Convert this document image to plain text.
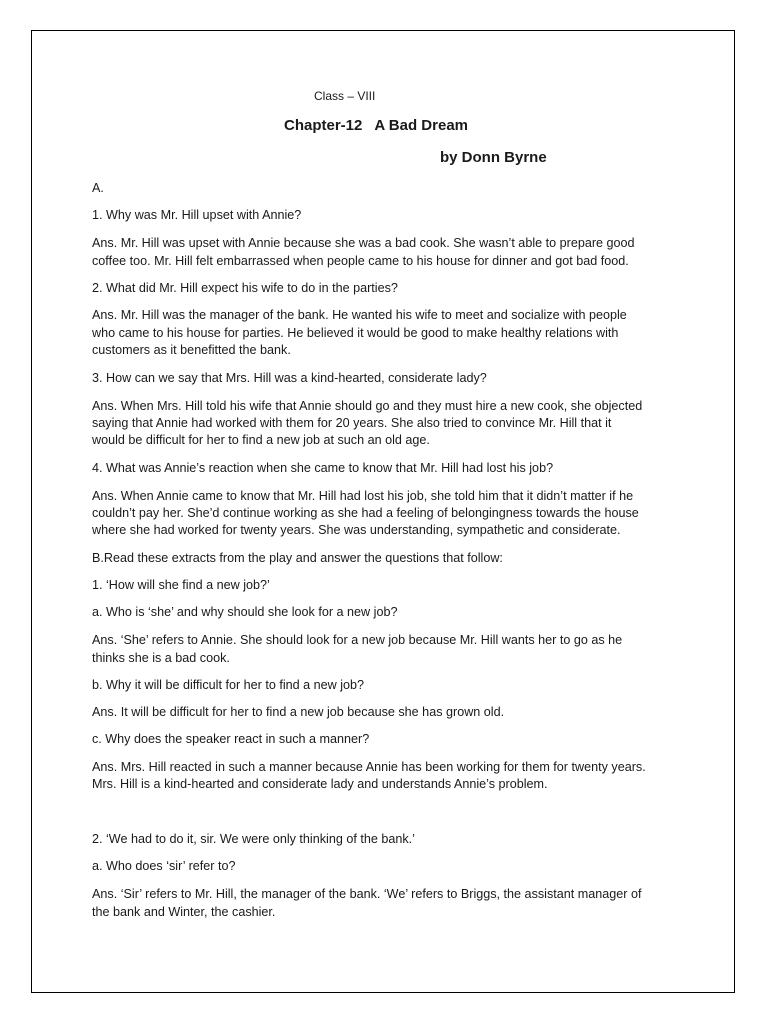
Class – VIII
Chapter-12 A Bad Dream
by Donn Byrne
A.
1. Why was Mr. Hill upset with Annie?
Ans. Mr. Hill was upset with Annie because she was a bad cook. She wasn’t able to prepare good
coffee too. Mr. Hill felt embarrassed when people came to his house for dinner and got bad food.
2. What did Mr. Hill expect his wife to do in the parties?
Ans. Mr. Hill was the manager of the bank. He wanted his wife to meet and socialize with people
who came to his house for parties. He believed it would be good to make healthy relations with
customers as it benefitted the bank.
3. How can we say that Mrs. Hill was a kind-hearted, considerate lady?
Ans. When Mrs. Hill told his wife that Annie should go and they must hire a new cook, she objected
saying that Annie had worked with them for 20 years. She also tried to convince Mr. Hill that it
would be difficult for her to find a new job at such an old age.
4. What was Annie’s reaction when she came to know that Mr. Hill had lost his job?
Ans. When Annie came to know that Mr. Hill had lost his job, she told him that it didn’t matter if he
couldn’t pay her. She’d continue working as she had a feeling of belongingness towards the house
where she had worked for twenty years. She was understanding, sympathetic and considerate.
B.Read these extracts from the play and answer the questions that follow:
1. ‘How will she find a new job?’
a. Who is ‘she’ and why should she look for a new job?
Ans. ‘She’ refers to Annie. She should look for a new job because Mr. Hill wants her to go as he
thinks she is a bad cook.
b. Why it will be difficult for her to find a new job?
Ans. It will be difficult for her to find a new job because she has grown old.
c. Why does the speaker react in such a manner?
Ans. Mrs. Hill reacted in such a manner because Annie has been working for them for twenty years.
Mrs. Hill is a kind-hearted and considerate lady and understands Annie’s problem.
2. ‘We had to do it, sir. We were only thinking of the bank.’
a. Who does ‘sir’ refer to?
Ans. ‘Sir’ refers to Mr. Hill, the manager of the bank. ‘We’ refers to Briggs, the assistant manager of
the bank and Winter, the cashier.
